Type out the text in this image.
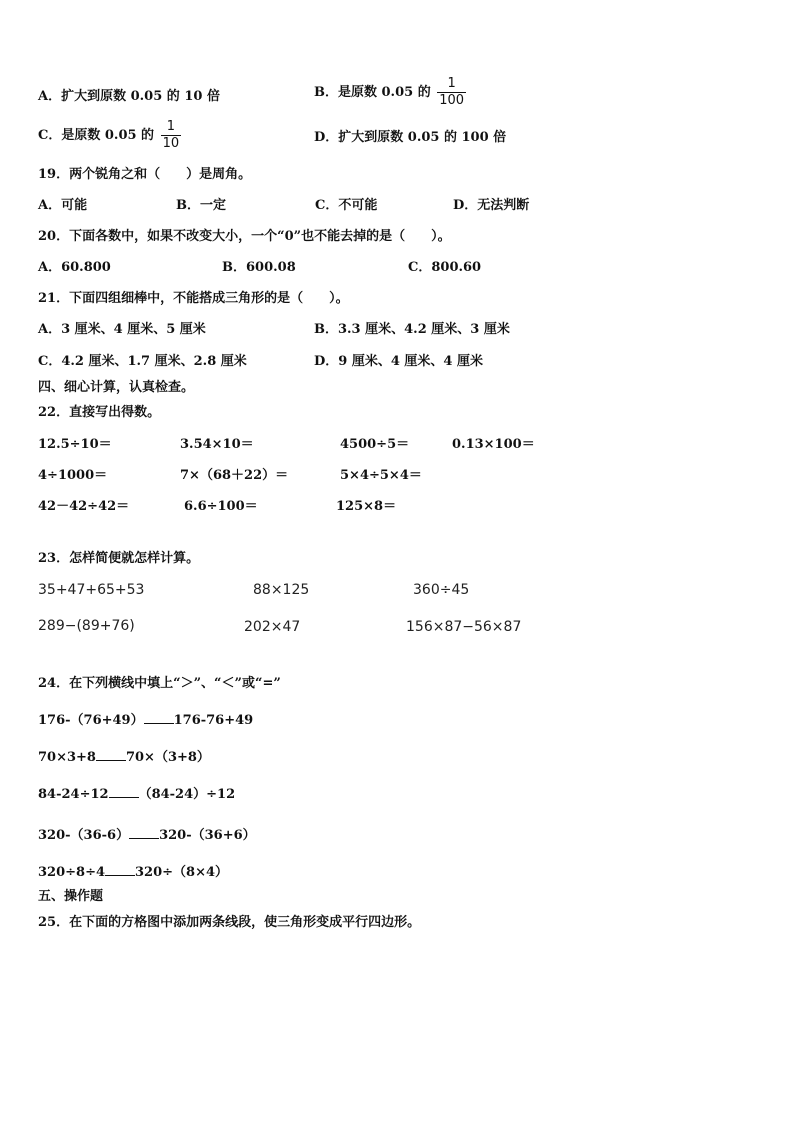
A．扩大到原数 0.05 的 10 倍	B．是原数 0.05 的 $\frac{1}{100}$
C．是原数 0.05 的 $\frac{1}{10}$	D．扩大到原数 0.05 的 100 倍
19．两个锐角之和（　　）是周角。
A．可能	B．一定	C．不可能	D．无法判断
20．下面各数中，如果不改变大小，一个“0”也不能去掉的是（　　）。
A．60.800	B．600.08	C．800.60
21．下面四组细棒中，不能搭成三角形的是（　　）。
A．3 厘米、4 厘米、5 厘米	B．3.3 厘米、4.2 厘米、3 厘米
C．4.2 厘米、1.7 厘米、2.8 厘米	D．9 厘米、4 厘米、4 厘米
四、细心计算，认真检查。
22．直接写出得数。
12.5÷10＝	3.54×10＝	4500÷5＝	0.13×100＝
4÷1000＝	7×（68＋22）＝	5×4÷5×4＝
42－42÷42＝	6.6÷100＝	125×8＝
23．怎样简便就怎样计算。
35+47+65+53	88×125	360÷45
289−(89+76)	202×47	156×87−56×87
24．在下列横线中填上“＞”、“＜”或“=”
176-（76+49） 176-76+49
70×3+8 70×（3+8）
84-24÷12 （84-24）÷12
320-（36-6） 320-（36+6）
320÷8÷4 320÷（8×4）
五、操作题
25．在下面的方格图中添加两条线段，使三角形变成平行四边形。
